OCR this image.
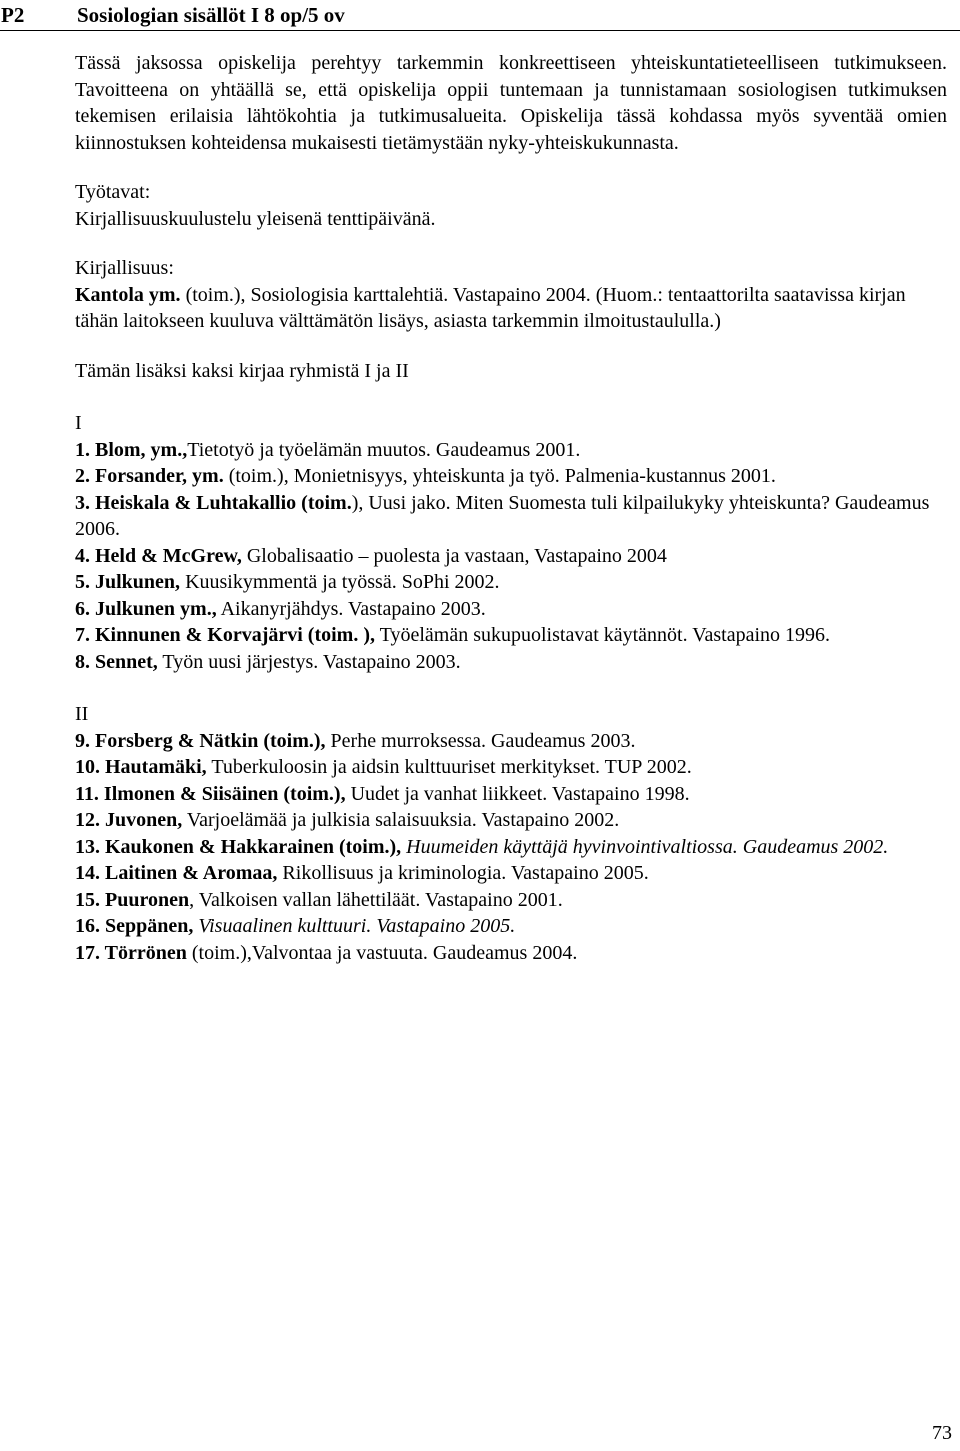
P2	Sosiologian sisällöt I 8 op/5 ov

Tässä jaksossa opiskelija perehtyy tarkemmin konkreettiseen yhteiskuntatieteelliseen tutkimukseen. Tavoitteena on yhtäällä se, että opiskelija oppii tuntemaan ja tunnistamaan sosiologisen tutkimuksen tekemisen erilaisia lähtökohtia ja tutkimusalueita. Opiskelija tässä kohdassa myös syventää omien kiinnostuksen kohteidensa mukaisesti tietämystään nyky-yhteiskukunnasta.

Työtavat:

Kirjallisuuskuulustelu yleisenä tenttipäivänä.

Kirjallisuus:

Kantola ym. (toim.), Sosiologisia karttalehtiä. Vastapaino 2004. (Huom.: tentaattorilta saatavissa kirjan tähän laitokseen kuuluva välttämätön lisäys, asiasta tarkemmin ilmoitustaululla.)

Tämän lisäksi kaksi kirjaa ryhmistä I ja II

I

1. Blom, ym.,Tietotyö ja työelämän muutos. Gaudeamus 2001.
2. Forsander, ym. (toim.), Monietnisyys, yhteiskunta ja työ. Palmenia-kustannus 2001.
3. Heiskala & Luhtakallio (toim.), Uusi jako. Miten Suomesta tuli kilpailukyky yhteiskunta? Gaudeamus 2006.
4. Held & McGrew, Globalisaatio – puolesta ja vastaan, Vastapaino 2004
5. Julkunen, Kuusikymmentä ja työssä. SoPhi 2002.
6. Julkunen ym., Aikanyrjähdys. Vastapaino 2003.
7. Kinnunen & Korvajärvi (toim. ), Työelämän sukupuolistavat käytännöt. Vastapaino 1996.
8. Sennet, Työn uusi järjestys. Vastapaino 2003.

II

9. Forsberg & Nätkin (toim.), Perhe murroksessa. Gaudeamus 2003.
10. Hautamäki, Tuberkuloosin ja aidsin kulttuuriset merkitykset. TUP 2002.
11. Ilmonen & Siisäinen (toim.), Uudet ja vanhat liikkeet. Vastapaino 1998.
12. Juvonen, Varjoelämää ja julkisia salaisuuksia. Vastapaino 2002.
13. Kaukonen & Hakkarainen (toim.), Huumeiden käyttäjä hyvinvointivaltiossa. Gaudeamus 2002.
14. Laitinen & Aromaa, Rikollisuus ja kriminologia. Vastapaino 2005.
15. Puuronen, Valkoisen vallan lähettiläät. Vastapaino 2001.
16. Seppänen, Visuaalinen kulttuuri. Vastapaino 2005.
17. Törrönen (toim.),Valvontaa ja vastuuta. Gaudeamus 2004.
73
